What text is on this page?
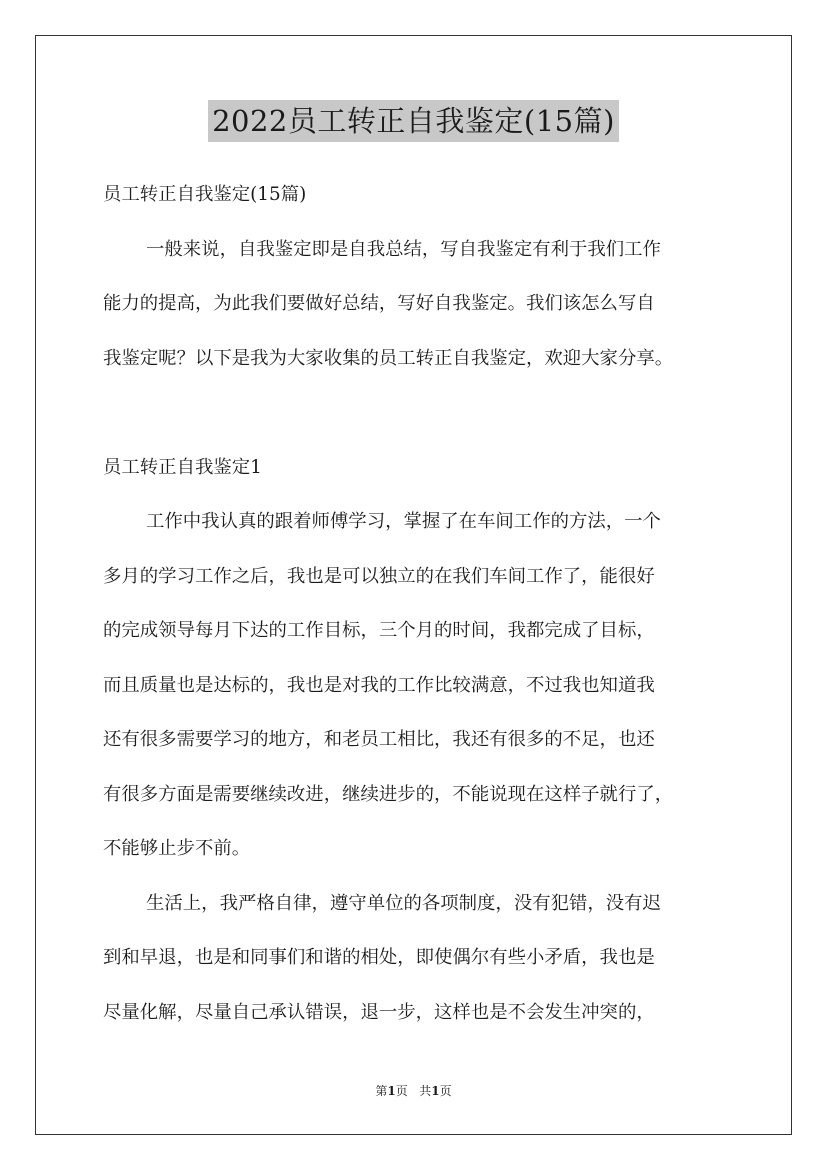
2022员工转正自我鉴定(15篇)
员工转正自我鉴定(15篇)
一般来说，自我鉴定即是自我总结，写自我鉴定有利于我们工作
能力的提高，为此我们要做好总结，写好自我鉴定。我们该怎么写自
我鉴定呢？以下是我为大家收集的员工转正自我鉴定，欢迎大家分享。
员工转正自我鉴定1
工作中我认真的跟着师傅学习，掌握了在车间工作的方法，一个
多月的学习工作之后，我也是可以独立的在我们车间工作了，能很好
的完成领导每月下达的工作目标，三个月的时间，我都完成了目标，
而且质量也是达标的，我也是对我的工作比较满意，不过我也知道我
还有很多需要学习的地方，和老员工相比，我还有很多的不足，也还
有很多方面是需要继续改进，继续进步的，不能说现在这样子就行了，
不能够止步不前。
生活上，我严格自律，遵守单位的各项制度，没有犯错，没有迟
到和早退，也是和同事们和谐的相处，即使偶尔有些小矛盾，我也是
尽量化解，尽量自己承认错误，退一步，这样也是不会发生冲突的，
第1页 共1页
